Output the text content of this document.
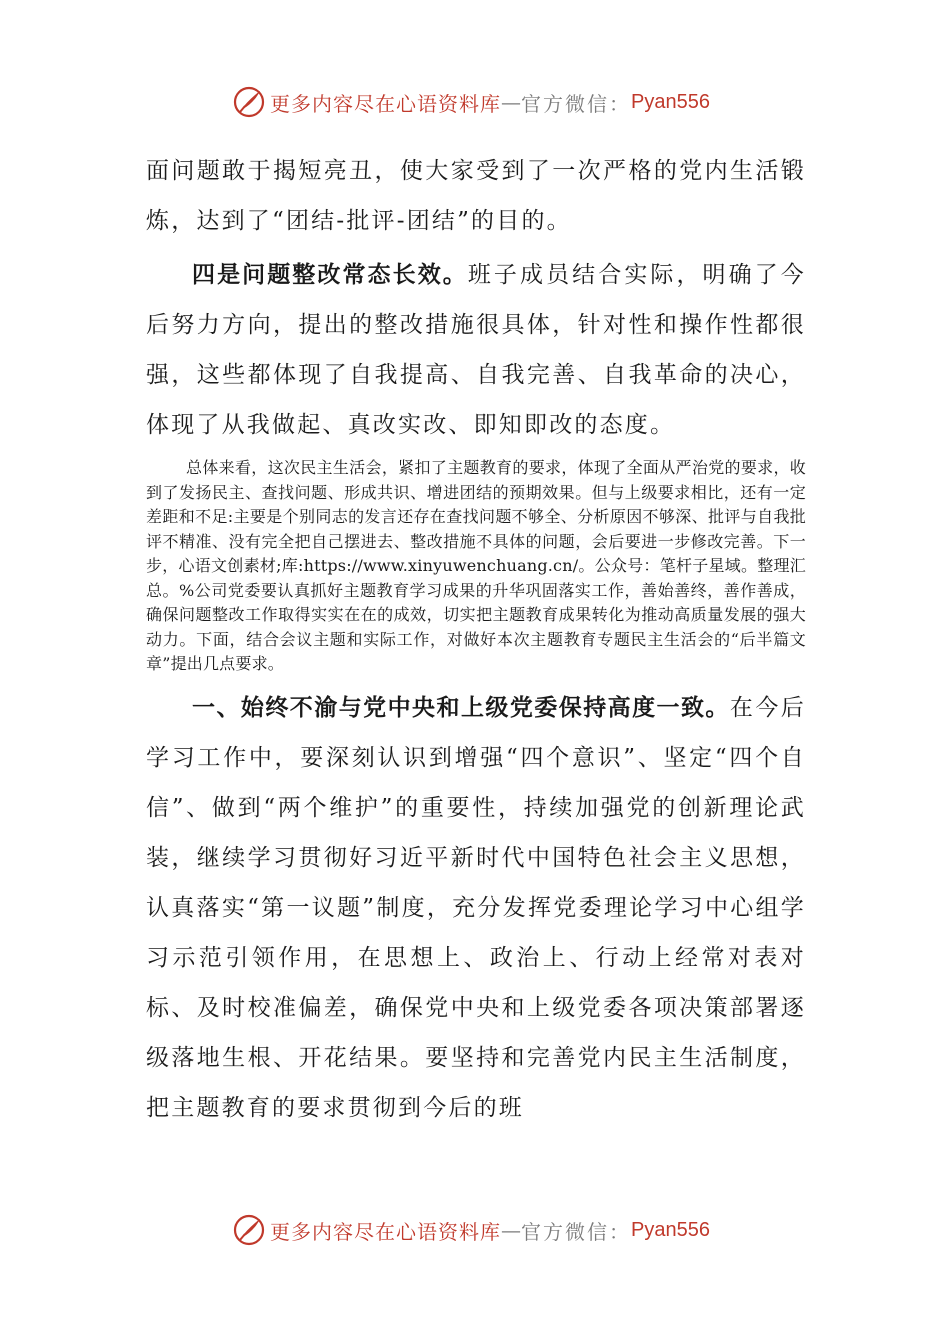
更多内容尽在心语资料库 — 官方微信： Pyan556

面问题敢于揭短亮丑，使大家受到了一次严格的党内生活锻炼，达到了“团结-批评-团结”的目的。

四是问题整改常态长效。班子成员结合实际，明确了今后努力方向，提出的整改措施很具体，针对性和操作性都很强，这些都体现了自我提高、自我完善、自我革命的决心，体现了从我做起、真改实改、即知即改的态度。

总体来看，这次民主生活会，紧扣了主题教育的要求，体现了全面从严治党的要求，收到了发扬民主、查找问题、形成共识、增进团结的预期效果。但与上级要求相比，还有一定差距和不足:主要是个别同志的发言还存在查找问题不够全、分析原因不够深、批评与自我批评不精准、没有完全把自己摆进去、整改措施不具体的问题，会后要进一步修改完善。下一步，心语文创素材;库:https://www.xinyuwenchuang.cn/。公众号：笔杆子星域。整理汇总。%公司党委要认真抓好主题教育学习成果的升华巩固落实工作，善始善终，善作善成，确保问题整改工作取得实实在在的成效，切实把主题教育成果转化为推动高质量发展的强大动力。下面，结合会议主题和实际工作，对做好本次主题教育专题民主生活会的“后半篇文章”提出几点要求。

一、始终不渝与党中央和上级党委保持高度一致。在今后学习工作中，要深刻认识到增强“四个意识”、坚定“四个自信”、做到“两个维护”的重要性，持续加强党的创新理论武装，继续学习贯彻好习近平新时代中国特色社会主义思想，认真落实“第一议题”制度，充分发挥党委理论学习中心组学习示范引领作用，在思想上、政治上、行动上经常对表对标、及时校准偏差，确保党中央和上级党委各项决策部署逐级落地生根、开花结果。要坚持和完善党内民主生活制度，把主题教育的要求贯彻到今后的班

更多内容尽在心语资料库 — 官方微信： Pyan556
